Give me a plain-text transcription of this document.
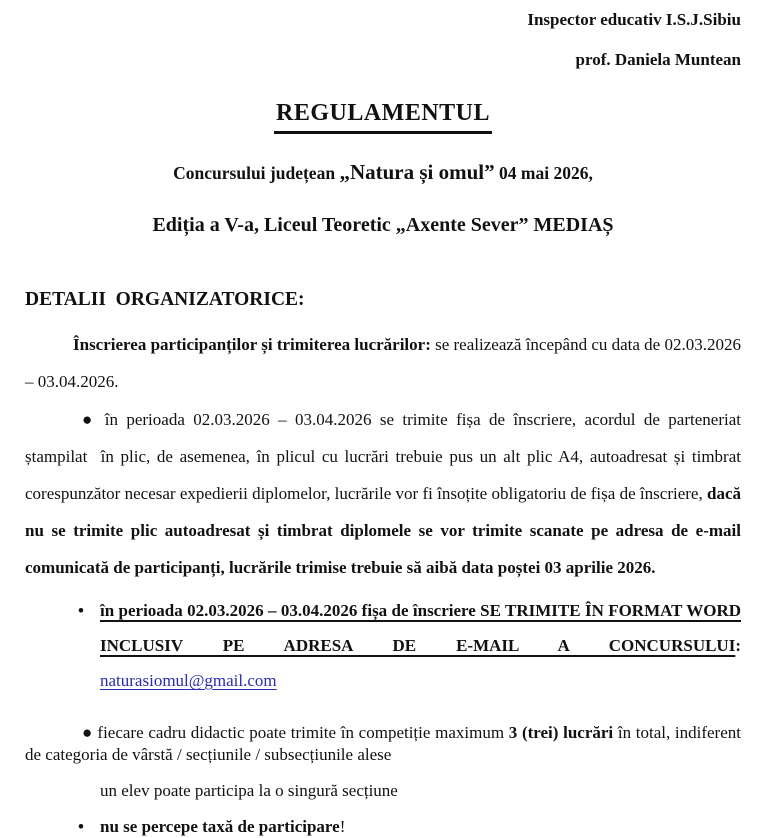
Inspector educativ I.S.J.Sibiu

prof. Daniela Muntean

REGULAMENTUL

Concursului județean „Natura și omul” 04 mai 2026,

Ediția a V-a, Liceul Teoretic „Axente Sever” MEDIAȘ

DETALII  ORGANIZATORICE:

Înscrierea participanților și trimiterea lucrărilor: se realizează începând cu data de 02.03.2026 – 03.04.2026.

● în perioada 02.03.2026 – 03.04.2026 se trimite fișa de înscriere, acordul de parteneriat ștampilat  în plic, de asemenea, în plicul cu lucrări trebuie pus un alt plic A4, autoadresat și timbrat corespunzător necesar expedierii diplomelor, lucrările vor fi însoțite obligatoriu de fișa de înscriere, dacă nu se trimite plic autoadresat și timbrat diplomele se vor trimite scanate pe adresa de e-mail comunicată de participanți, lucrările trimise trebuie să aibă data poștei 03 aprilie 2026.

• în perioada 02.03.2026 – 03.04.2026 fișa de înscriere SE TRIMITE ÎN FORMAT WORD INCLUSIV PE ADRESA DE E-MAIL A CONCURSULUI:
naturasiomul@gmail.com

● fiecare cadru didactic poate trimite în competiție maximum 3 (trei) lucrări în total, indiferent de categoria de vârstă / secțiunile / subsecțiunile alese

un elev poate participa la o singură secțiune

• nu se percepe taxă de participare!
